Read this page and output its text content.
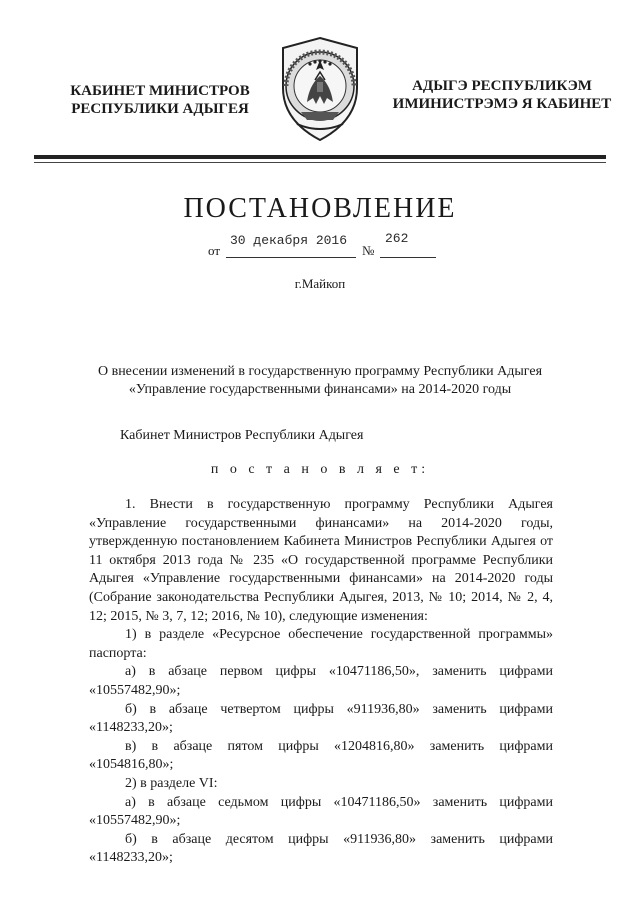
КАБИНЕТ МИНИСТРОВ
РЕСПУБЛИКИ АДЫГЕЯ
АДЫГЭ РЕСПУБЛИКЭМ
ИМИНИСТРЭМЭ Я КАБИНЕТ
ПОСТАНОВЛЕНИЕ
от
30 декабря 2016
№
262
г.Майкоп
О внесении изменений в государственную программу Республики Адыгея
«Управление государственными финансами» на 2014-2020 годы
Кабинет Министров Республики Адыгея
п о с т а н о в л я е т:

1. Внести в государственную программу Республики Адыгея «Управление государственными финансами» на 2014-2020 годы, утвержденную постановлением Кабинета Министров Республики Адыгея от 11 октября 2013 года № 235 «О государственной программе Республики Адыгея «Управление государственными финансами» на 2014-2020 годы (Собрание законодательства Республики Адыгея, 2013, № 10; 2014, № 2, 4, 12; 2015, № 3, 7, 12; 2016, № 10), следующие изменения:

1) в разделе «Ресурсное обеспечение государственной программы» паспорта:

а) в абзаце первом цифры «10471186,50», заменить цифрами «10557482,90»;

б) в абзаце четвертом цифры «911936,80» заменить цифрами «1148233,20»;

в) в абзаце пятом цифры «1204816,80» заменить цифрами «1054816,80»;

2) в разделе VI:

а) в абзаце седьмом цифры «10471186,50» заменить цифрами «10557482,90»;

б) в абзаце десятом цифры «911936,80» заменить цифрами «1148233,20»;
